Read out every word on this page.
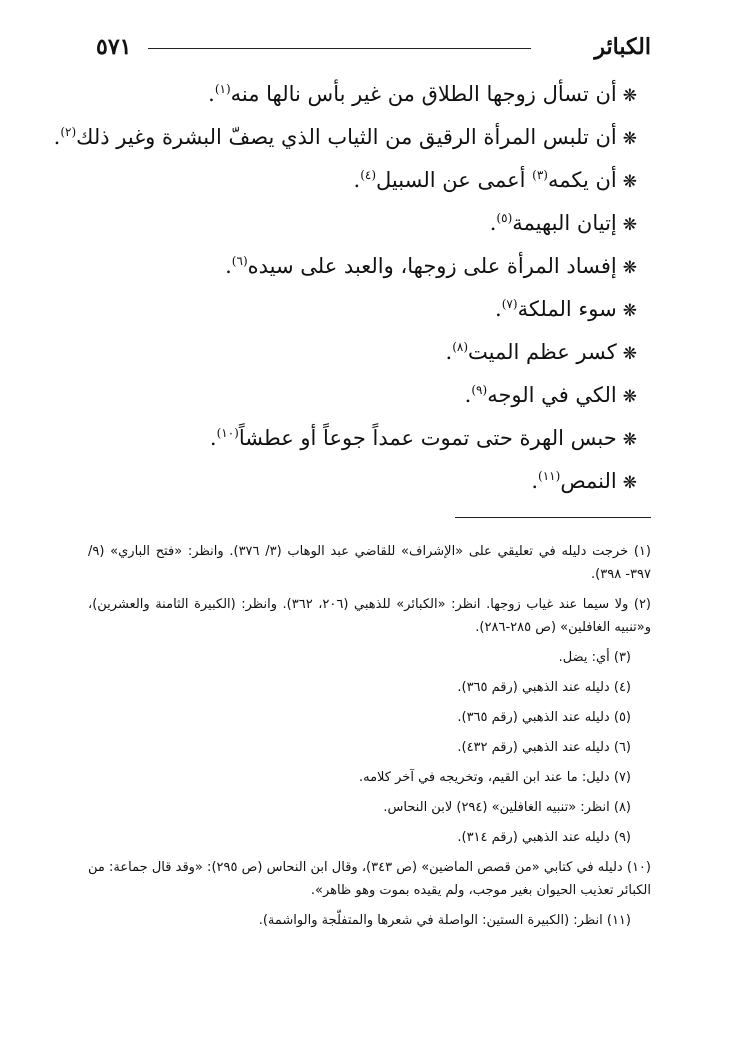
الكبائر
٥٧١
❋أن تسأل زوجها الطلاق من غير بأس نالها منه$^{(١)}$.
❋أن تلبس المرأة الرقيق من الثياب الذي يصفّ البشرة وغير ذلك$^{(٢)}$.
❋أن يكمه$^{(٣)}$ أعمى عن السبيل$^{(٤)}$.
❋إتيان البهيمة$^{(٥)}$.
❋إفساد المرأة على زوجها، والعبد على سيده$^{(٦)}$.
❋سوء الملكة$^{(٧)}$.
❋كسر عظم الميت$^{(٨)}$.
❋الكي في الوجه$^{(٩)}$.
❋حبس الهرة حتى تموت عمداً جوعاً أو عطشاً$^{(١٠)}$.
❋النمص$^{(١١)}$.
(١) خرجت دليله في تعليقي على «الإشراف» للقاضي عبد الوهاب (٣/ ٣٧٦). وانظر: «فتح الباري» (٩/ ٣٩٧- ٣٩٨).
(٢) ولا سيما عند غياب زوجها. انظر: «الكبائر» للذهبي (٢٠٦، ٣٦٢). وانظر: (الكبيرة الثامنة والعشرين)، و«تنبيه الغافلين» (ص ٢٨٥-٢٨٦).
(٣) أي: يضل.
(٤) دليله عند الذهبي (رقم ٣٦٥).
(٥) دليله عند الذهبي (رقم ٣٦٥).
(٦) دليله عند الذهبي (رقم ٤٣٢).
(٧) دليل: ما عند ابن القيم، وتخريجه في آخر كلامه.
(٨) انظر: «تنبيه الغافلين» (٢٩٤) لابن النحاس.
(٩) دليله عند الذهبي (رقم ٣١٤).
(١٠) دليله في كتابي «من قصص الماضين» (ص ٣٤٣)، وقال ابن النحاس (ص ٢٩٥): «وقد قال جماعة: من الكبائر تعذيب الحيوان بغير موجب، ولم يقيده بموت وهو ظاهر».
(١١) انظر: (الكبيرة الستين: الواصلة في شعرها والمتفلّجة والواشمة).
